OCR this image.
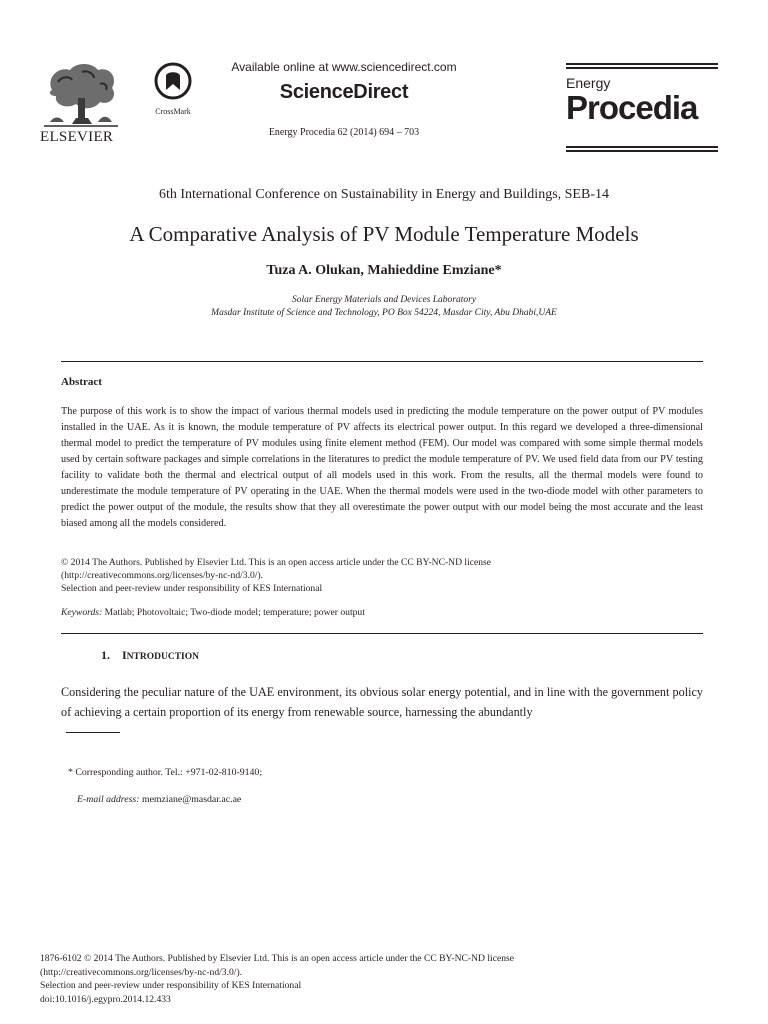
ELSEVIER
CrossMark
Available online at www.sciencedirect.com
ScienceDirect
Energy Procedia 62 (2014) 694 – 703
Energy
Procedia
6th International Conference on Sustainability in Energy and Buildings, SEB-14
A Comparative Analysis of PV Module Temperature Models
Tuza A. Olukan, Mahieddine Emziane*
Solar Energy Materials and Devices Laboratory
Masdar Institute of Science and Technology, PO Box 54224, Masdar City, Abu Dhabi,UAE
Abstract

The purpose of this work is to show the impact of various thermal models used in predicting the module temperature on the power output of PV modules installed in the UAE. As it is known, the module temperature of PV affects its electrical power output. In this regard we developed a three-dimensional thermal model to predict the temperature of PV modules using finite element method (FEM). Our model was compared with some simple thermal models used by certain software packages and simple correlations in the literatures to predict the module temperature of PV. We used field data from our PV testing facility to validate both the thermal and electrical output of all models used in this work. From the results, all the thermal models were found to underestimate the module temperature of PV operating in the UAE. When the thermal models were used in the two-diode model with other parameters to predict the power output of the module, the results show that they all overestimate the power output with our model being the most accurate and the least biased among all the models considered.

© 2014 The Authors. Published by Elsevier Ltd. This is an open access article under the CC BY-NC-ND license
(http://creativecommons.org/licenses/by-nc-nd/3.0/).
Selection and peer-review under responsibility of KES International

Keywords: Matlab; Photovoltaic; Two-diode model; temperature; power output

1. INTRODUCTION

Considering the peculiar nature of the UAE environment, its obvious solar energy potential, and in line with the government policy of achieving a certain proportion of its energy from renewable source, harnessing the abundantly

* Corresponding author. Tel.: +971-02-810-9140;
E-mail address: memziane@masdar.ac.ae
1876-6102 © 2014 The Authors. Published by Elsevier Ltd. This is an open access article under the CC BY-NC-ND license
(http://creativecommons.org/licenses/by-nc-nd/3.0/).
Selection and peer-review under responsibility of KES International
doi:10.1016/j.egypro.2014.12.433
